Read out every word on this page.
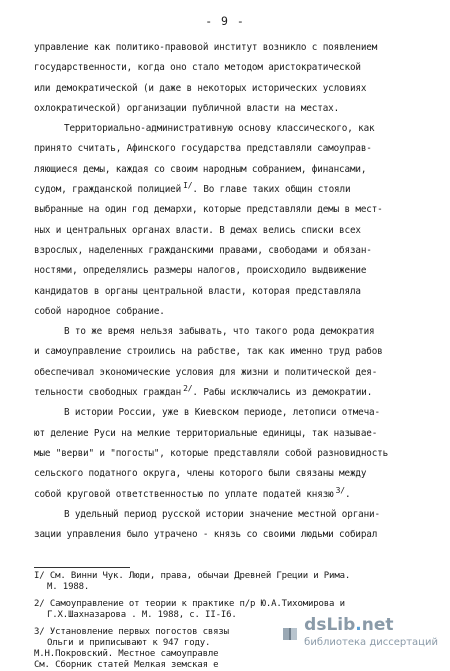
- 9 -
управление как политико-правовой институт возникло с появлением
государственности, когда оно стало методом аристократической
или демократической (и даже в некоторых исторических условиях
охлократической) организации публичной власти на местах.
Территориально-административную основу классического, как
принято считать, Афинского государства представляли самоуправ-
ляющиеся демы, каждая со своим народным собранием, финансами,
судом, гражданской полицией $^{I/}$. Во главе таких общин стояли
выбранные на один год демархи, которые представляли демы в мест-
ных и центральных органах власти. В демах велись списки всех
взрослых, наделенных гражданскими правами, свободами и обязан-
ностями, определялись размеры налогов, происходило выдвижение
кандидатов в органы центральной власти, которая представляла
собой народное собрание.
В то же время нельзя забывать, что такого рода демократия
и самоуправление строились на рабстве, так как именно труд рабов
обеспечивал экономические условия для жизни и политической дея-
тельности свободных граждан $^{2/}$. Рабы исключались из демократии.
В истории России, уже в Киевском периоде, летописи отмеча-
ют деление Руси на мелкие территориальные единицы, так называе-
мые "верви" и "погосты", которые представляли собой разновидность
сельского податного округа, члены которого были связаны между
собой круговой ответственностью по уплате податей князю $^{3/}$.
В удельный период русской истории значение местной органи-
зации управления было утрачено - князь со своими людьми собирал
I/ См. Винни Чук. Люди, права, обычаи Древней Греции и Рима.
М. 1988.
2/ Самоуправление от теории к практике п/р Ю.А.Тихомирова и
Г.Х.Шахназарова . М. 1988, с. II-I6.
3/ Установление первых погостов связы
Ольги и приписывают к 947 году.
М.Н.Покровский. Местное самоуправле
См. Сборник статей Мелкая земская е
dsLib.net
библиотека диссертаций
